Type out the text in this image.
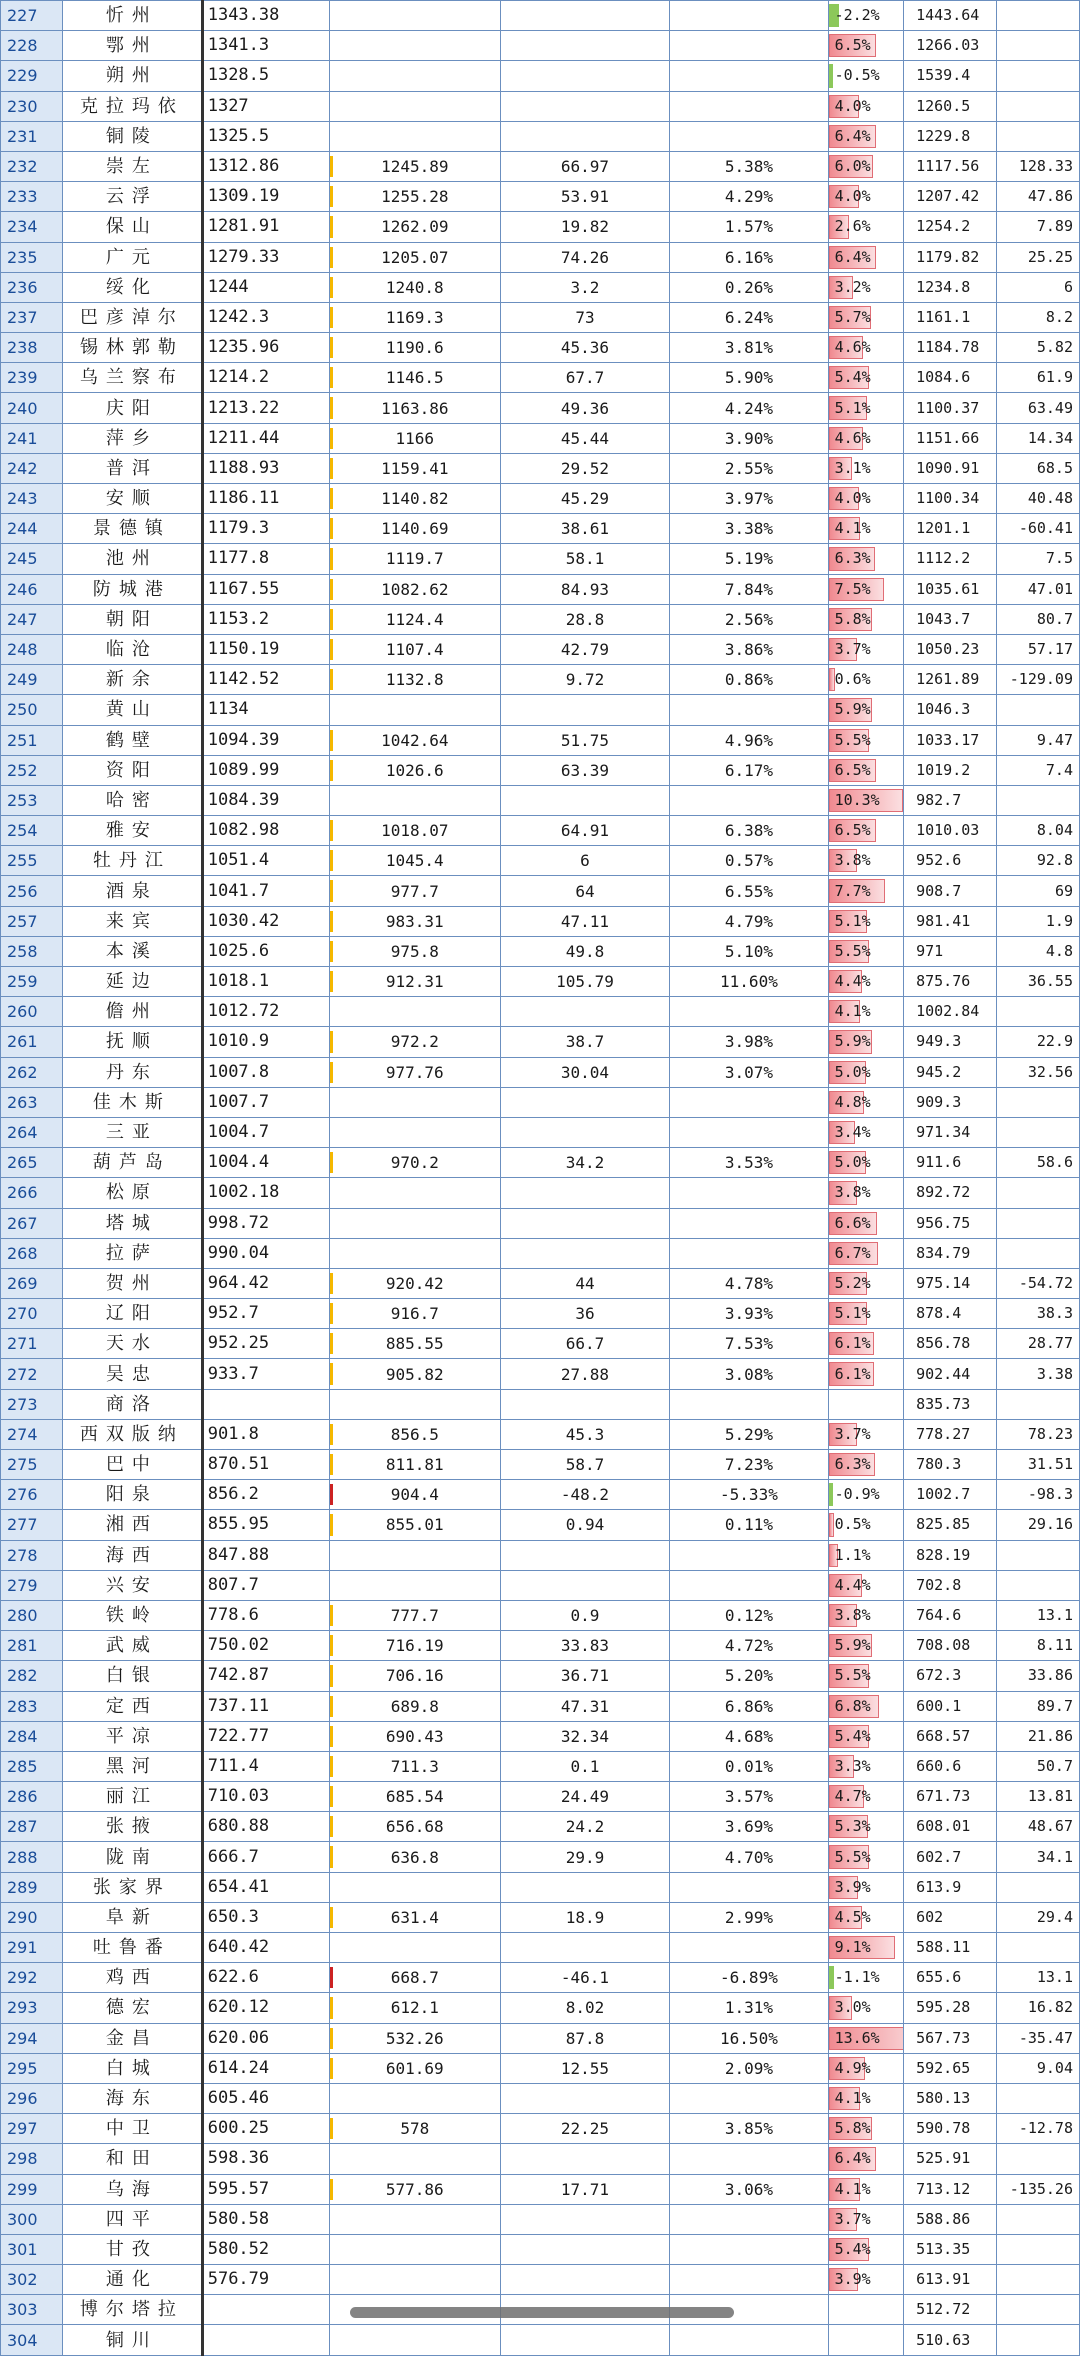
227	忻州	1343.38				-2.2%	1443.64	
228	鄂州	1341.3				6.5%	1266.03	
229	朔州	1328.5				-0.5%	1539.4	
230	克拉玛依	1327				4.0%	1260.5	
231	铜陵	1325.5				6.4%	1229.8	
232	崇左	1312.86	1245.89	66.97	5.38%	6.0%	1117.56	128.33
233	云浮	1309.19	1255.28	53.91	4.29%	4.0%	1207.42	47.86
234	保山	1281.91	1262.09	19.82	1.57%	2.6%	1254.2	7.89
235	广元	1279.33	1205.07	74.26	6.16%	6.4%	1179.82	25.25
236	绥化	1244	1240.8	3.2	0.26%	3.2%	1234.8	6
237	巴彦淖尔	1242.3	1169.3	73	6.24%	5.7%	1161.1	8.2
238	锡林郭勒	1235.96	1190.6	45.36	3.81%	4.6%	1184.78	5.82
239	乌兰察布	1214.2	1146.5	67.7	5.90%	5.4%	1084.6	61.9
240	庆阳	1213.22	1163.86	49.36	4.24%	5.1%	1100.37	63.49
241	萍乡	1211.44	1166	45.44	3.90%	4.6%	1151.66	14.34
242	普洱	1188.93	1159.41	29.52	2.55%	3.1%	1090.91	68.5
243	安顺	1186.11	1140.82	45.29	3.97%	4.0%	1100.34	40.48
244	景德镇	1179.3	1140.69	38.61	3.38%	4.1%	1201.1	-60.41
245	池州	1177.8	1119.7	58.1	5.19%	6.3%	1112.2	7.5
246	防城港	1167.55	1082.62	84.93	7.84%	7.5%	1035.61	47.01
247	朝阳	1153.2	1124.4	28.8	2.56%	5.8%	1043.7	80.7
248	临沧	1150.19	1107.4	42.79	3.86%	3.7%	1050.23	57.17
249	新余	1142.52	1132.8	9.72	0.86%	0.6%	1261.89	-129.09
250	黄山	1134				5.9%	1046.3	
251	鹤壁	1094.39	1042.64	51.75	4.96%	5.5%	1033.17	9.47
252	资阳	1089.99	1026.6	63.39	6.17%	6.5%	1019.2	7.4
253	哈密	1084.39				10.3%	982.7	
254	雅安	1082.98	1018.07	64.91	6.38%	6.5%	1010.03	8.04
255	牡丹江	1051.4	1045.4	6	0.57%	3.8%	952.6	92.8
256	酒泉	1041.7	977.7	64	6.55%	7.7%	908.7	69
257	来宾	1030.42	983.31	47.11	4.79%	5.1%	981.41	1.9
258	本溪	1025.6	975.8	49.8	5.10%	5.5%	971	4.8
259	延边	1018.1	912.31	105.79	11.60%	4.4%	875.76	36.55
260	儋州	1012.72				4.1%	1002.84	
261	抚顺	1010.9	972.2	38.7	3.98%	5.9%	949.3	22.9
262	丹东	1007.8	977.76	30.04	3.07%	5.0%	945.2	32.56
263	佳木斯	1007.7				4.8%	909.3	
264	三亚	1004.7				3.4%	971.34	
265	葫芦岛	1004.4	970.2	34.2	3.53%	5.0%	911.6	58.6
266	松原	1002.18				3.8%	892.72	
267	塔城	998.72				6.6%	956.75	
268	拉萨	990.04				6.7%	834.79	
269	贺州	964.42	920.42	44	4.78%	5.2%	975.14	-54.72
270	辽阳	952.7	916.7	36	3.93%	5.1%	878.4	38.3
271	天水	952.25	885.55	66.7	7.53%	6.1%	856.78	28.77
272	吴忠	933.7	905.82	27.88	3.08%	6.1%	902.44	3.38
273	商洛						835.73	
274	西双版纳	901.8	856.5	45.3	5.29%	3.7%	778.27	78.23
275	巴中	870.51	811.81	58.7	7.23%	6.3%	780.3	31.51
276	阳泉	856.2	904.4	-48.2	-5.33%	-0.9%	1002.7	-98.3
277	湘西	855.95	855.01	0.94	0.11%	0.5%	825.85	29.16
278	海西	847.88				1.1%	828.19	
279	兴安	807.7				4.4%	702.8	
280	铁岭	778.6	777.7	0.9	0.12%	3.8%	764.6	13.1
281	武威	750.02	716.19	33.83	4.72%	5.9%	708.08	8.11
282	白银	742.87	706.16	36.71	5.20%	5.5%	672.3	33.86
283	定西	737.11	689.8	47.31	6.86%	6.8%	600.1	89.7
284	平凉	722.77	690.43	32.34	4.68%	5.4%	668.57	21.86
285	黑河	711.4	711.3	0.1	0.01%	3.3%	660.6	50.7
286	丽江	710.03	685.54	24.49	3.57%	4.7%	671.73	13.81
287	张掖	680.88	656.68	24.2	3.69%	5.3%	608.01	48.67
288	陇南	666.7	636.8	29.9	4.70%	5.5%	602.7	34.1
289	张家界	654.41				3.9%	613.9	
290	阜新	650.3	631.4	18.9	2.99%	4.5%	602	29.4
291	吐鲁番	640.42				9.1%	588.11	
292	鸡西	622.6	668.7	-46.1	-6.89%	-1.1%	655.6	13.1
293	德宏	620.12	612.1	8.02	1.31%	3.0%	595.28	16.82
294	金昌	620.06	532.26	87.8	16.50%	13.6%	567.73	-35.47
295	白城	614.24	601.69	12.55	2.09%	4.9%	592.65	9.04
296	海东	605.46				4.1%	580.13	
297	中卫	600.25	578	22.25	3.85%	5.8%	590.78	-12.78
298	和田	598.36				6.4%	525.91	
299	乌海	595.57	577.86	17.71	3.06%	4.1%	713.12	-135.26
300	四平	580.58				3.7%	588.86	
301	甘孜	580.52				5.4%	513.35	
302	通化	576.79				3.9%	613.91	
303	博尔塔拉						512.72	
304	铜川						510.63	
